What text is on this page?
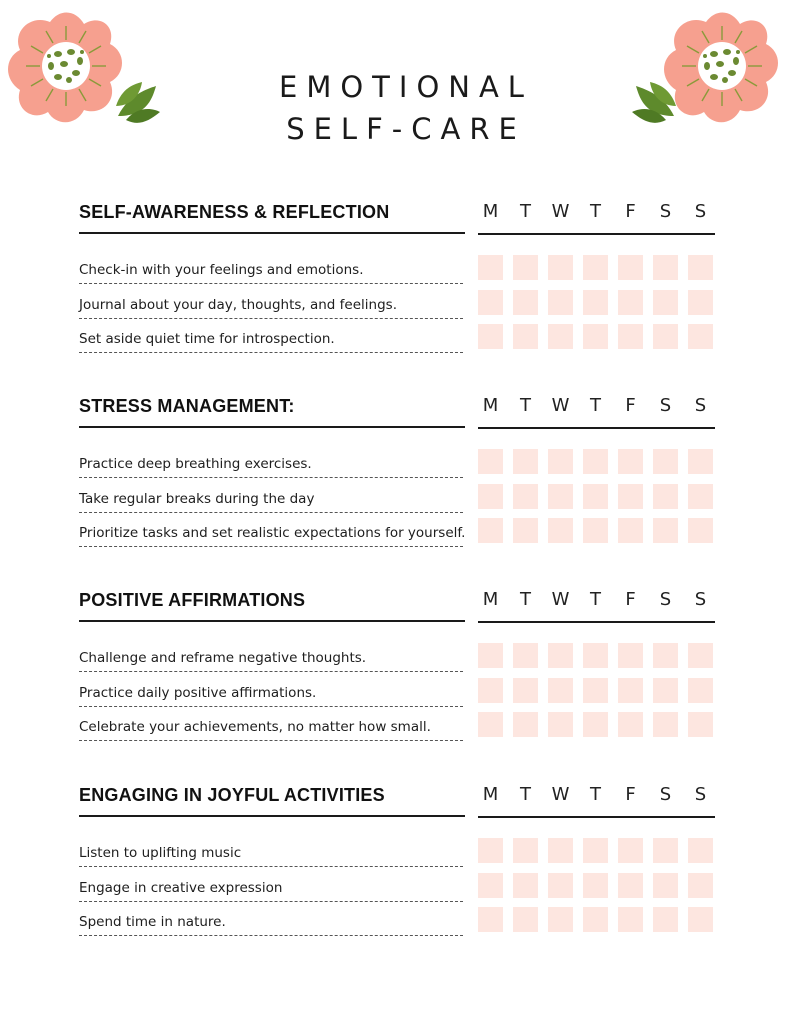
EMOTIONAL
SELF-CARE
SELF-AWARENESS & REFLECTION	M	T	W	T	F	S	S
Check-in with your feelings and emotions.
Journal about your day, thoughts, and feelings.
Set aside quiet time for introspection.
STRESS MANAGEMENT:	M	T	W	T	F	S	S
Practice deep breathing exercises.
Take regular breaks during the day
Prioritize tasks and set realistic expectations for yourself.
POSITIVE AFFIRMATIONS	M	T	W	T	F	S	S
Challenge and reframe negative thoughts.
Practice daily positive affirmations.
Celebrate your achievements, no matter how small.
ENGAGING IN JOYFUL ACTIVITIES	M	T	W	T	F	S	S
Listen to uplifting music
Engage in creative expression
Spend time in nature.
